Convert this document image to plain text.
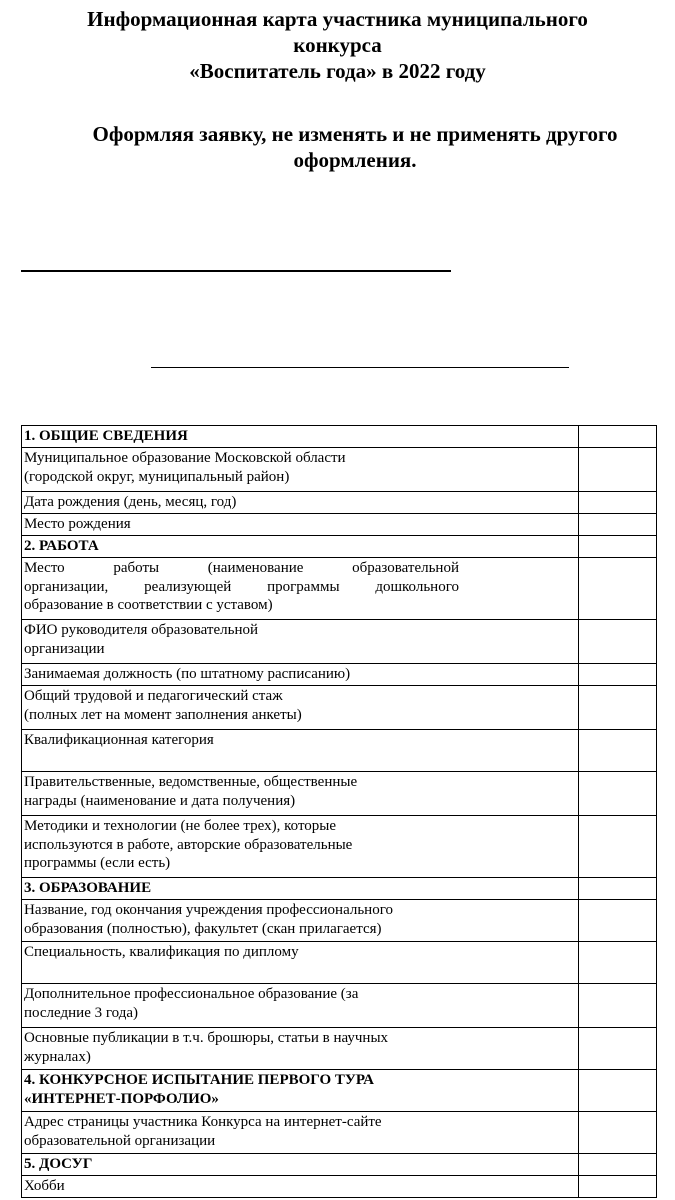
Информационная карта участника муниципального
конкурса
«Воспитатель года» в 2022 году
Оформляя заявку, не изменять и не применять другого
оформления.
1. ОБЩИЕ СВЕДЕНИЯ	

Муниципальное образование Московской области
(городской округ, муниципальный район)	

Дата рождения (день, месяц, год)	

Место рождения	

2. РАБОТА	

Место работы (наименование образовательной
организации, реализующей программы дошкольного
образование в соответствии с уставом)	

ФИО руководителя образовательной
организации	

Занимаемая должность (по штатному расписанию)	

Общий трудовой и педагогический стаж
(полных лет на момент заполнения анкеты)	

Квалификационная категория	

Правительственные, ведомственные, общественные
награды (наименование и дата получения)	

Методики и технологии (не более трех), которые
используются в работе, авторские образовательные
программы (если есть)	

3. ОБРАЗОВАНИЕ	

Название, год окончания учреждения профессионального
образования (полностью), факультет (скан прилагается)	

Специальность, квалификация по диплому	

Дополнительное профессиональное образование (за
последние 3 года)	

Основные публикации в т.ч. брошюры, статьи в научных
журналах)	

4. КОНКУРСНОЕ ИСПЫТАНИЕ ПЕРВОГО ТУРА
«ИНТЕРНЕТ-ПОРФОЛИО»	

Адрес страницы участника Конкурса на интернет-сайте
образовательной организации	

5. ДОСУГ	

Хобби	
